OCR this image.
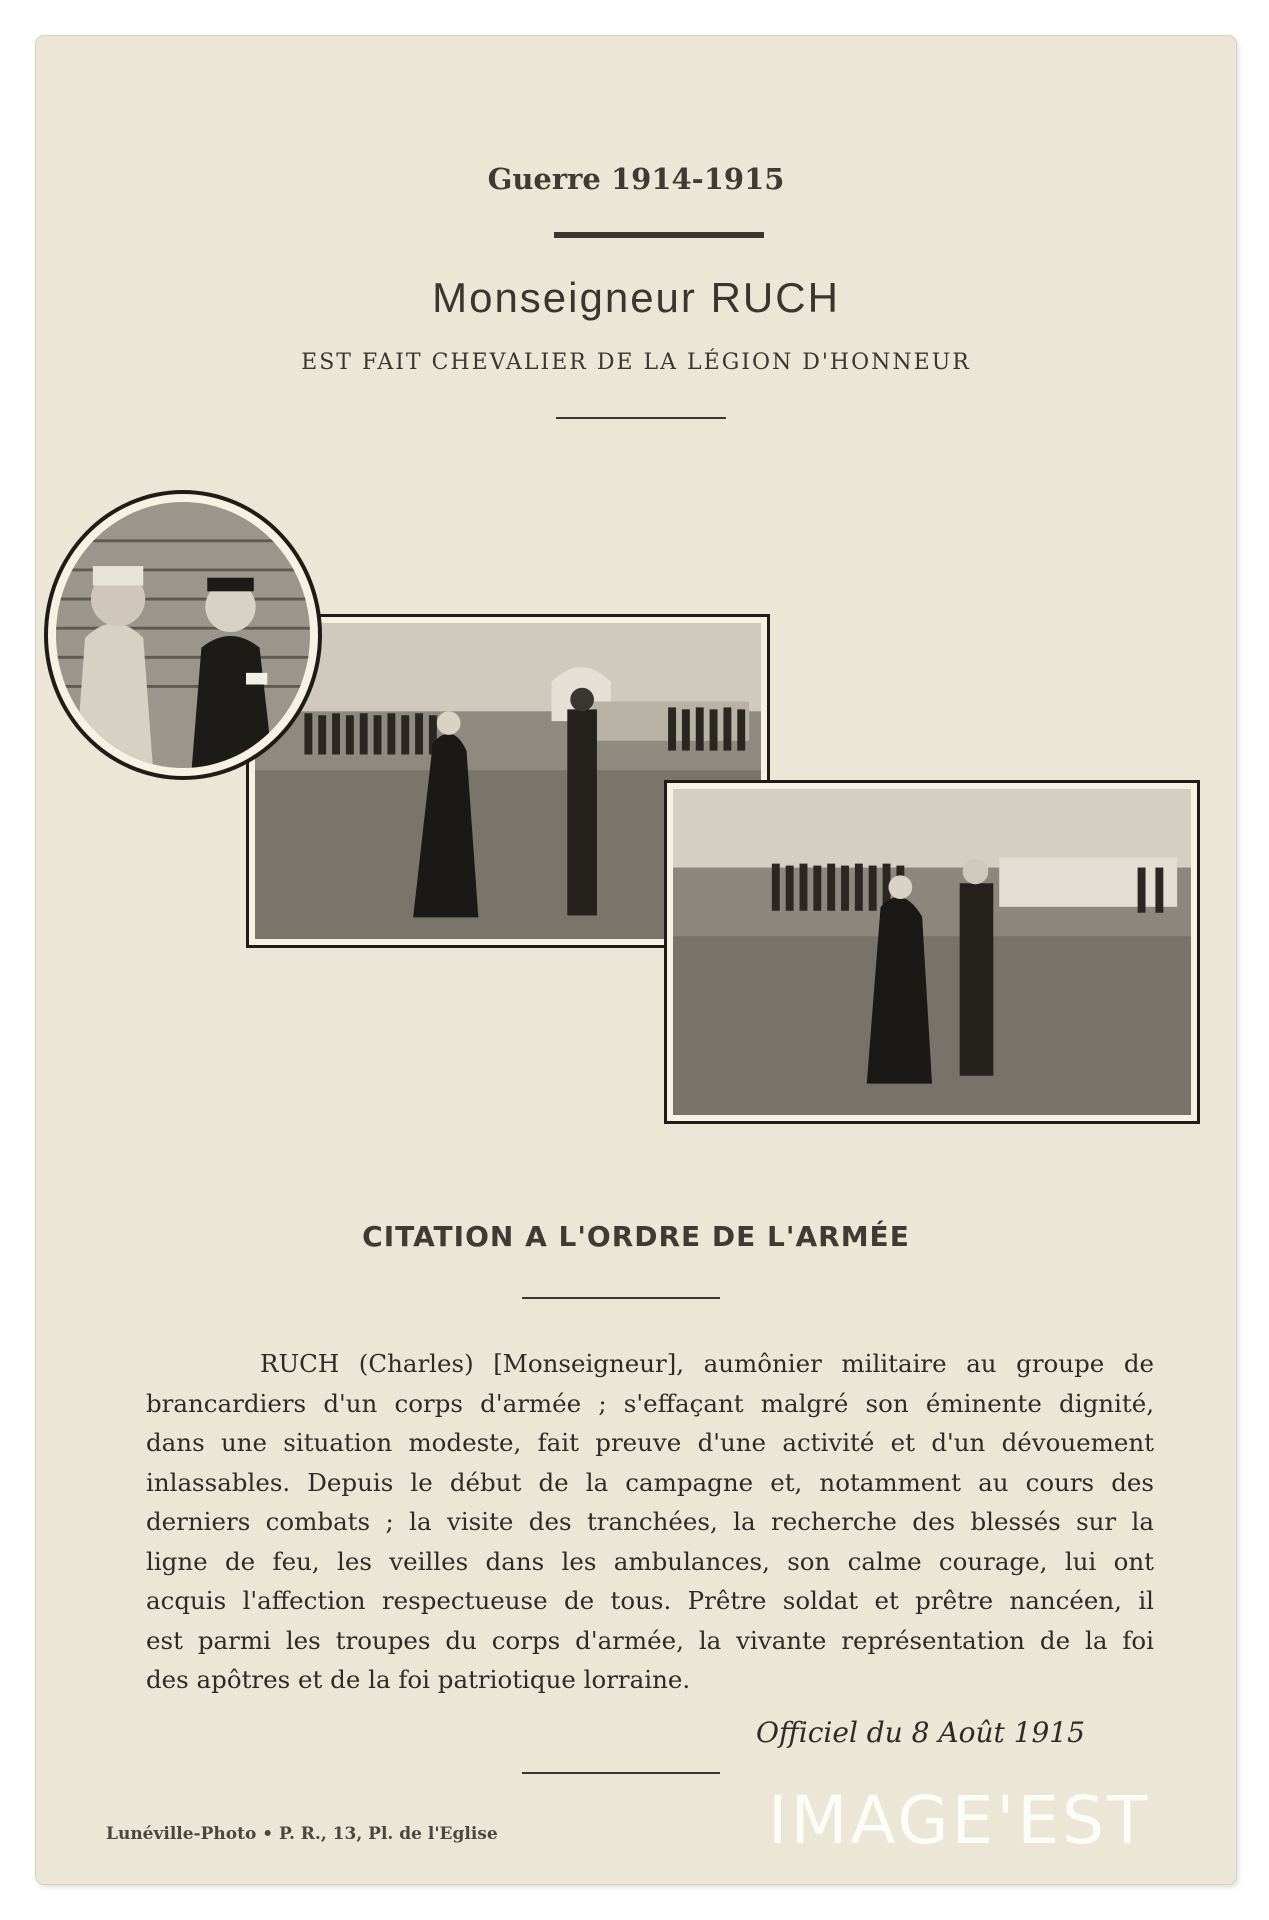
Guerre 1914-1915
Monseigneur RUCH
EST FAIT CHEVALIER DE LA LÉGION D'HONNEUR
CITATION A L'ORDRE DE L'ARMÉE
RUCH (Charles) [Monseigneur], aumônier militaire au groupe de
brancardiers d'un corps d'armée ; s'effaçant malgré son éminente dignité,
dans une situation modeste, fait preuve d'une activité et d'un dévouement
inlassables. Depuis le début de la campagne et, notamment au cours des
derniers combats ; la visite des tranchées, la recherche des blessés sur la
ligne de feu, les veilles dans les ambulances, son calme courage, lui ont
acquis l'affection respectueuse de tous. Prêtre soldat et prêtre nancéen, il
est parmi les troupes du corps d'armée, la vivante représentation de la foi
des apôtres et de la foi patriotique lorraine.
Officiel du 8 Août 1915
Lunéville-Photo • P. R., 13, Pl. de l'Eglise	IMAGE'EST
